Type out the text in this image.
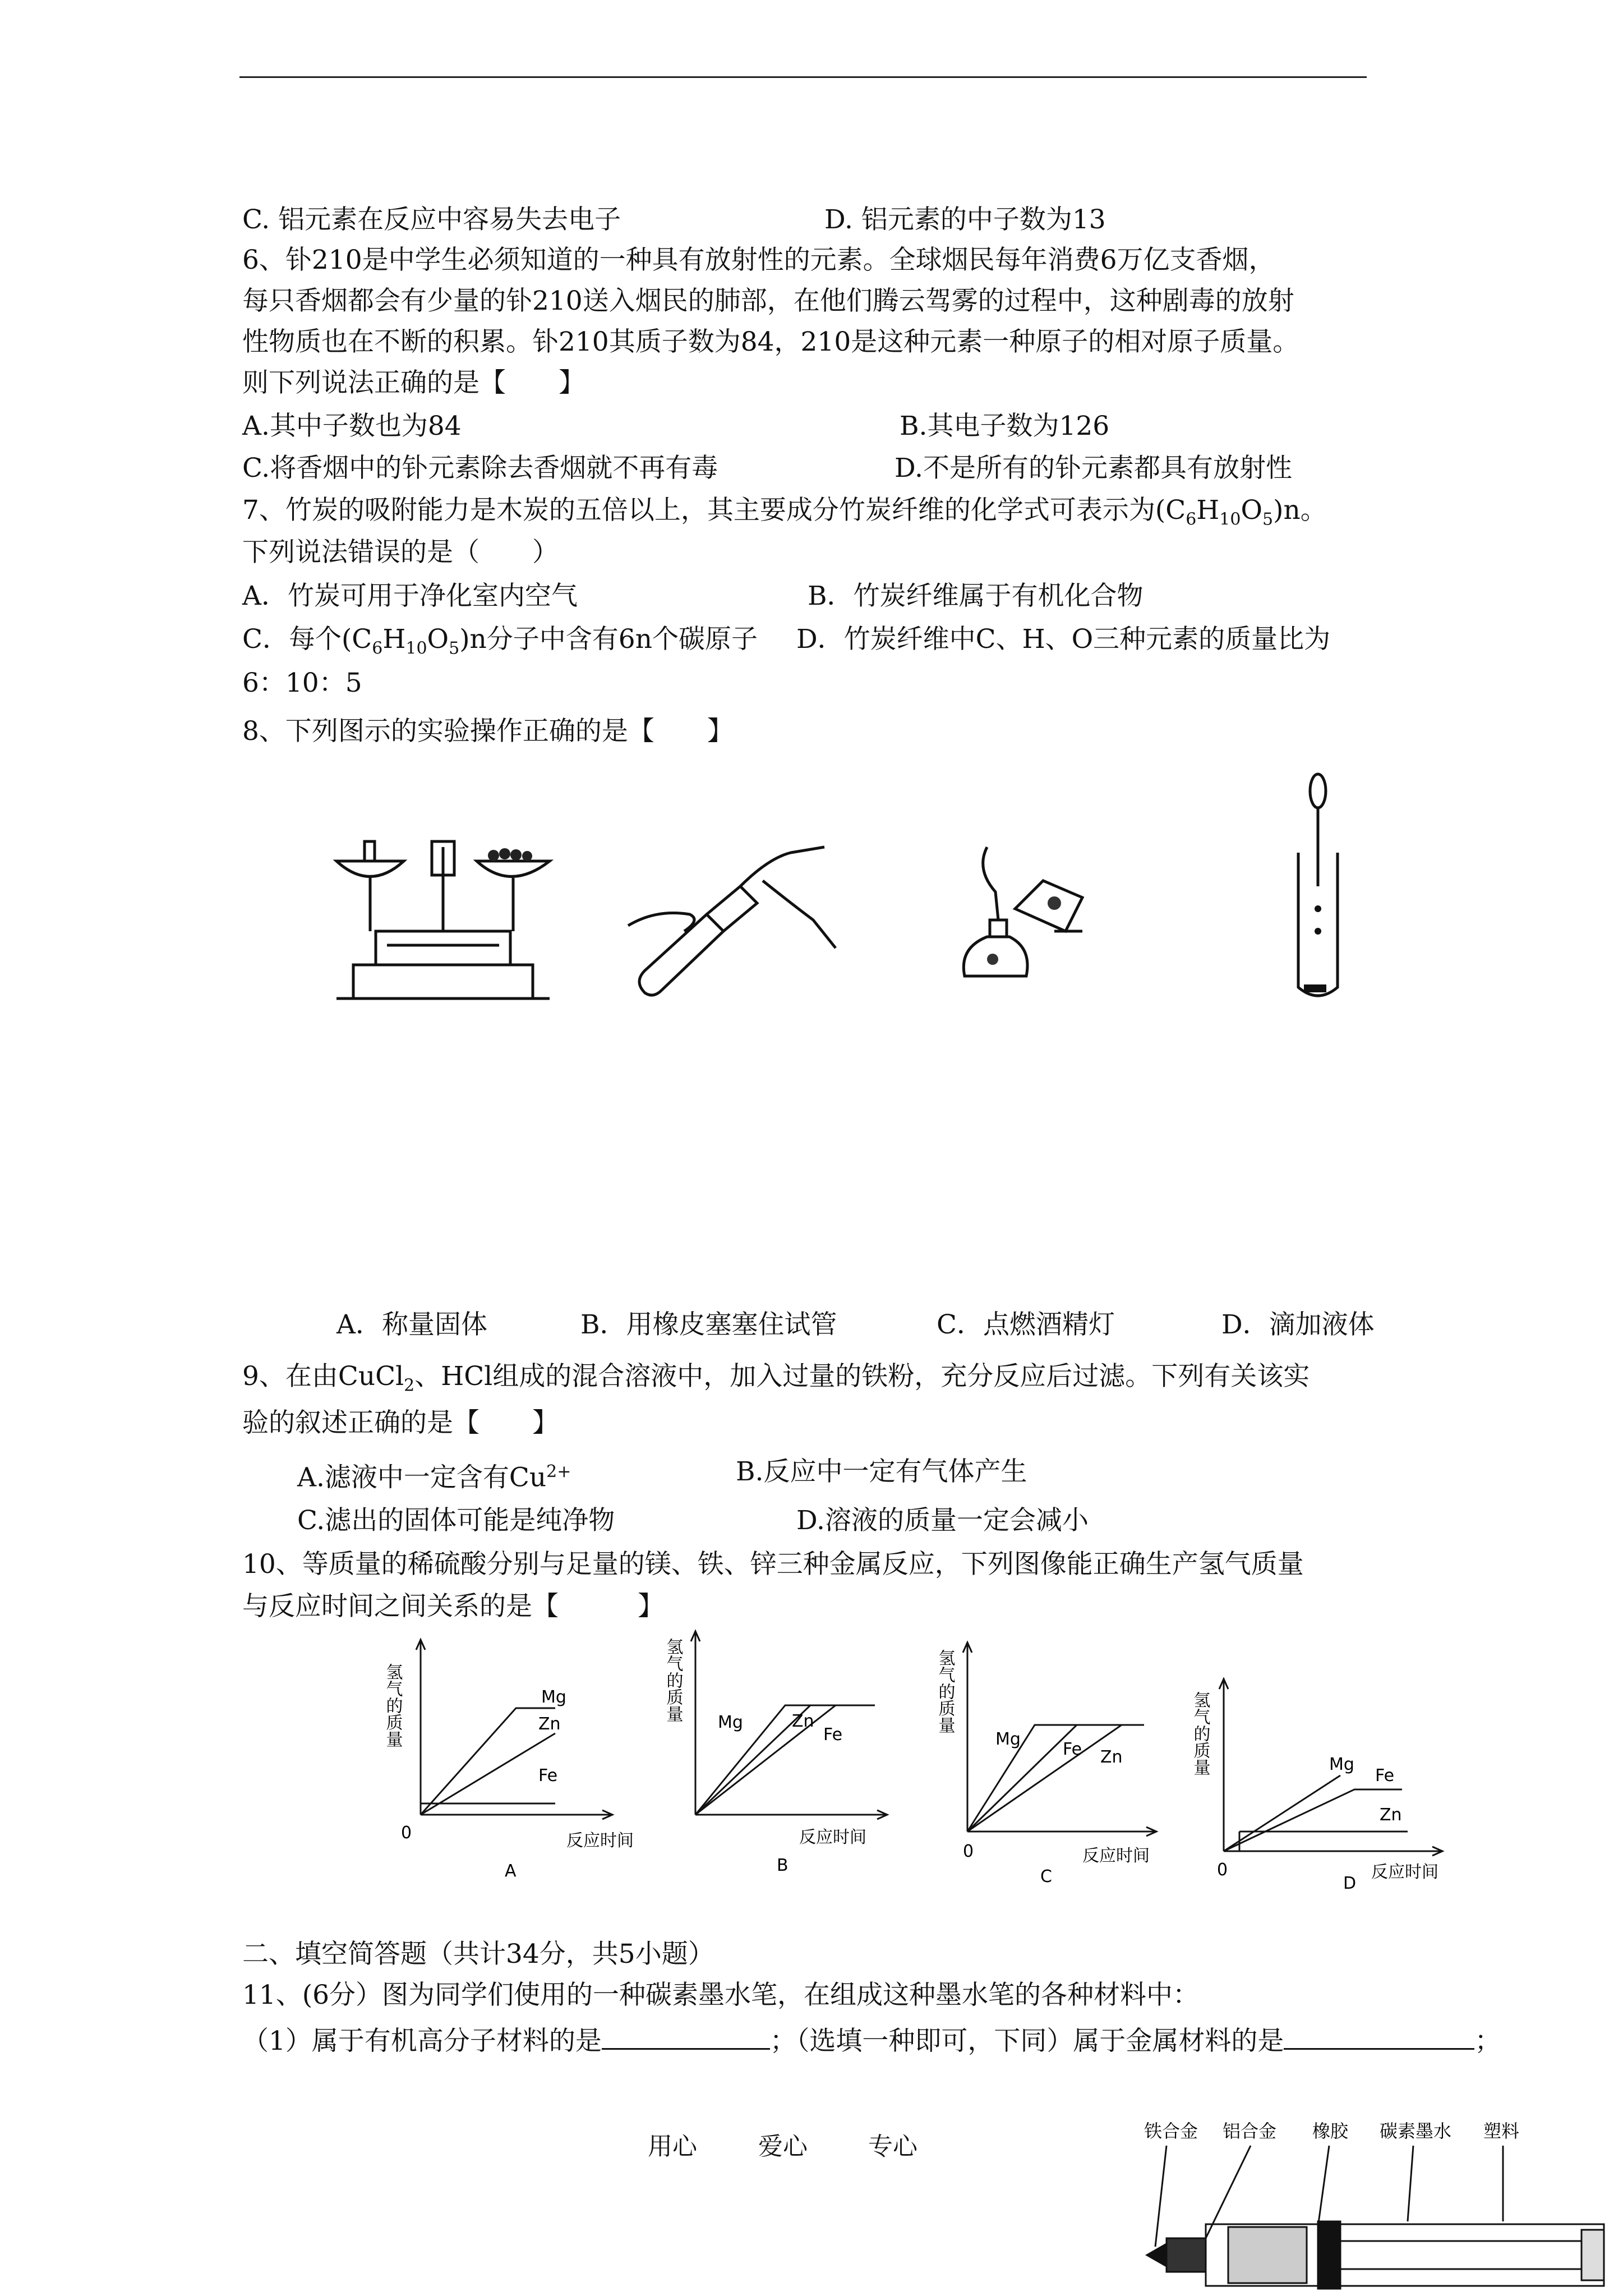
C. 铝元素在反应中容易失去电子	D. 铝元素的中子数为13
6、钋210是中学生必须知道的一种具有放射性的元素。全球烟民每年消费6万亿支香烟，
每只香烟都会有少量的钋210送入烟民的肺部，在他们腾云驾雾的过程中，这种剧毒的放射
性物质也在不断的积累。钋210其质子数为84，210是这种元素一种原子的相对原子质量。
则下列说法正确的是【　　】
A.其中子数也为84	B.其电子数为126
C.将香烟中的钋元素除去香烟就不再有毒	D.不是所有的钋元素都具有放射性
7、竹炭的吸附能力是木炭的五倍以上，其主要成分竹炭纤维的化学式可表示为$(C_6H_{10}O_5)n$。
下列说法错误的是（　　）
A．竹炭可用于净化室内空气	B．竹炭纤维属于有机化合物
C．每个$(C_6H_{10}O_5)n$分子中含有6n个碳原子 D．竹炭纤维中C、H、O三种元素的质量比为
6：10：5
8、下列图示的实验操作正确的是【　　】
A．称量固体	B．用橡皮塞塞住试管	C．点燃酒精灯	D．滴加液体
9、在由CuCl$_2$、HCl组成的混合溶液中，加入过量的铁粉，充分反应后过滤。下列有关该实
验的叙述正确的是【　　】
A.滤液中一定含有$Cu^{2+}$	B.反应中一定有气体产生
C.滤出的固体可能是纯净物	D.溶液的质量一定会减小
10、等质量的稀硫酸分别与足量的镁、铁、锌三种金属反应，下列图像能正确生产氢气质量
与反应时间之间关系的是【　　　】
氢气的质量	Mg
Zn
Fe
0	反应时间
A
氢气的质量
Mg	Zn
Fe
反应时间
B
氢气的质量
Mg
Fe Zn
0	反应时间
C
氢气的质量	Mg
Fe
Zn
0	反应时间
D
二、填空简答题（共计34分，共5小题）
11、(6分）图为同学们使用的一种碳素墨水笔，在组成这种墨水笔的各种材料中：
（1）属于有机高分子材料的是	；（选填一种即可，下同）属于金属材料的是	；
用心 爱心 专心
铁合金 铝合金 橡胶 碳素墨水 塑料
